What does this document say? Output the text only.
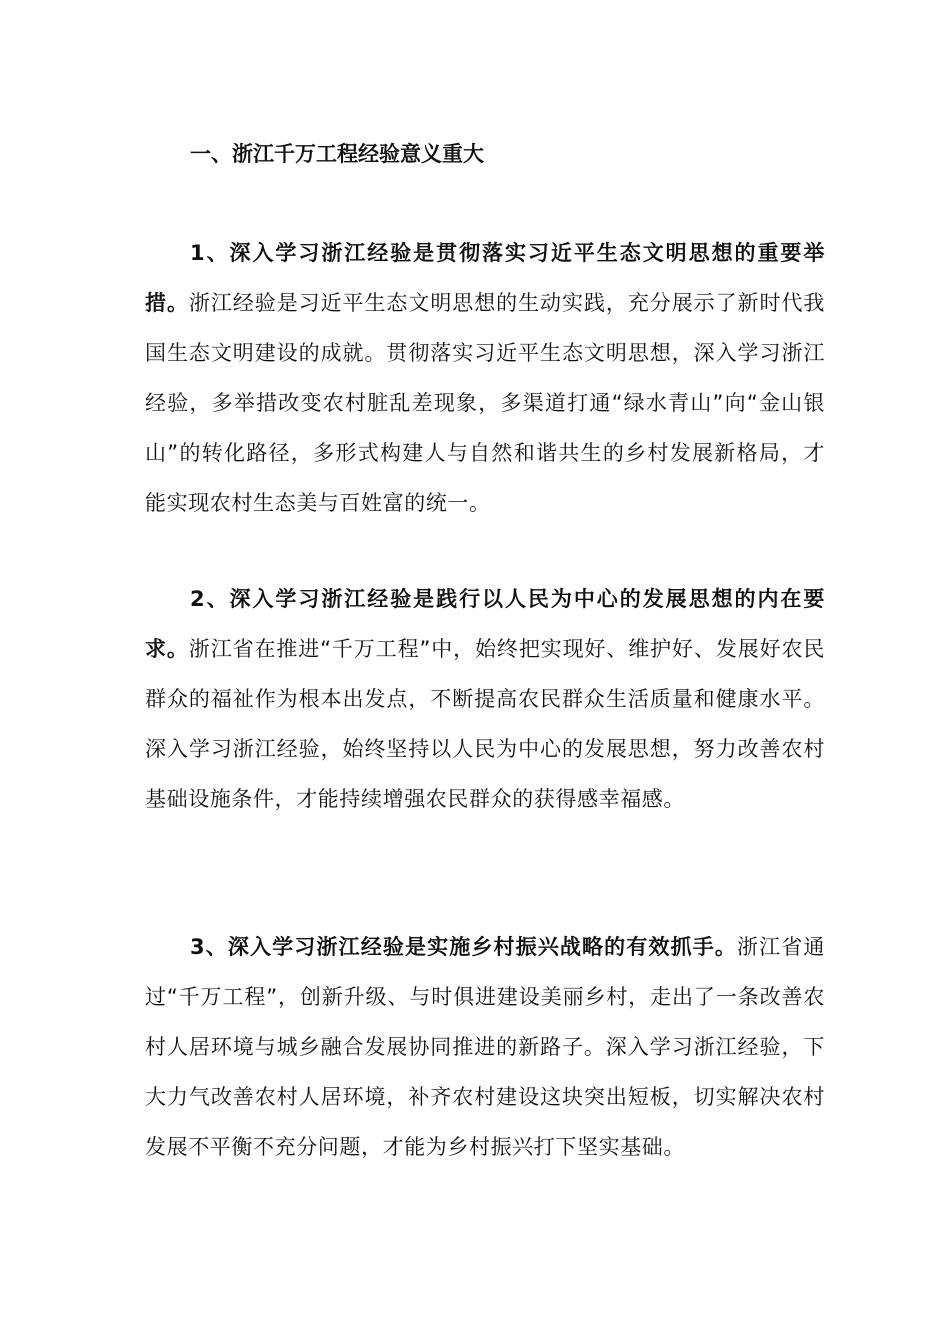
一、浙江千万工程经验意义重大

1、深入学习浙江经验是贯彻落实习近平生态文明思想的重要举措。浙江经验是习近平生态文明思想的生动实践，充分展示了新时代我国生态文明建设的成就。贯彻落实习近平生态文明思想，深入学习浙江经验，多举措改变农村脏乱差现象，多渠道打通“绿水青山”向“金山银山”的转化路径，多形式构建人与自然和谐共生的乡村发展新格局，才能实现农村生态美与百姓富的统一。

2、深入学习浙江经验是践行以人民为中心的发展思想的内在要求。浙江省在推进“千万工程”中，始终把实现好、维护好、发展好农民群众的福祉作为根本出发点，不断提高农民群众生活质量和健康水平。深入学习浙江经验，始终坚持以人民为中心的发展思想，努力改善农村基础设施条件，才能持续增强农民群众的获得感幸福感。

3、深入学习浙江经验是实施乡村振兴战略的有效抓手。浙江省通过“千万工程”，创新升级、与时俱进建设美丽乡村，走出了一条改善农村人居环境与城乡融合发展协同推进的新路子。深入学习浙江经验，下大力气改善农村人居环境，补齐农村建设这块突出短板，切实解决农村发展不平衡不充分问题，才能为乡村振兴打下坚实基础。
